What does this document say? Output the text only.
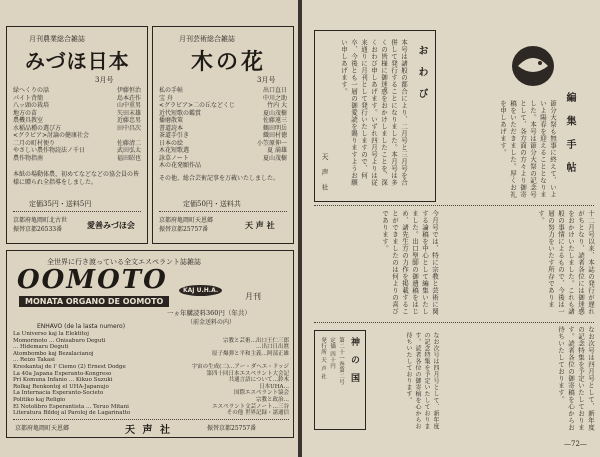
月刊農業総合雑誌
みづほ日本
3月号
緑へくりの話	伊藤恒治
パイト背簡	島本荘作
八ッ頭の栽培	山中重男
地方の苗	矢田末雄
農機具教室	近藤忠男
水稲品種の選び方	田中昌次
<グラビア>討論の健康社会
二月の町村便り	佐藤清二
やさしい農作物読法ノ千日	武田弘太
農作物指南	福田昭也
本紙の場動体農、初めてなどなどの協会員の皆様に贈られ全指導をしました。
定価35円・送料5円
京都府亀岡町北古世
振替京都26533番	愛善みづほ会
月刊芸術総合雑誌
木の花
3月号
私の手帖	出口直日
宝 舟	中川之助
<グラビア>二の丘などくじ	竹内 大
近代短歌の鑑賞	夏山茂樹
播磨散策	佐藤遠三
書道読本	鶴田明岳
茶道手引き	織田村徳
日本の絵	小笠原伸一
木花短歌選	夏 満雄
詠草ノート	夏山茂樹
木の花発願作品
その他、総合芸術記事を万載いたしました。
定価50円・送料共
京都府亀岡町天恩郷
振替京都25757番	天 声 社
全世界に行き渡っている全文エスペラント誌雑誌
OOMOTO
MONATA ORGANO DE OOMOTO
KAJ U.H.A.
月刊
一ヵ年購読料360円（年共）
（前金送料の内）
ENHAVO (de la lasta numero)
La Universo kaj la Elektitoj
Momorinoto ... Onisaburo Deguti	宗教と芸術…出口王仁三郎
... Hidemaru Deguti	…出口日出麿
Atombombo kaj Bezalacianoj	原子爆弾と平和主義…阿部正雄
... Reizo Takasi
Kreskantaj de l' Ciemo (2) Ernest Dodge	宇宙の生成(二)…アー・ダヘエ・ドッジ
La 40a Japana Esperanto-Kongreso	第四十回日本エスペラント大会記
Pri Komuna Infanio ... Kikuo Suzuki	共通言語について…鈴木
Rolkaj Renkontoj el UHA-Japanujo	日本UHA…
La Internacia Esperanto-Societo	国際エスペラント協会
Politiko kaj Religio	宗教と政治…
El Notolibro Esperantista ... Teruo Mitani	エスペラント文芸ノート…三谷
Literatura Bildoj al Paroloj de Lagarinatto	その他 世界記録・諸通信
京都府亀岡町天恩郷	天 声 社	振替京都25757番
お わ び
本号は諸般の都合により、二月号と三月号を合併して発行することになりました。本月号は多くの皆様に御迷惑をおかけしましたことを、深くおわび申しあげます。いずれ四月号よりは従来通りに月刊として発行いたしますので、何卒、今後とも一層の御愛読を賜りますようお願い申しあげます。
天 声 社	編 集 手 帖
節分大祭も無事に終えて、いよいよ陽春を迎えることとなりました。本号は節分大祭の記念号として、各方面の方々より御寄稿をいただきました。厚くお礼を申しあげます。
十二月号以来、本誌の発行が遅れがちとなり、読者各位には御迷惑をおかけいたしました。これも諸般の事情によるもので、今後は一層の努力をいたす所存であります。
今月号では、特に宗教と芸術に関する論稿を中心として編集いたしました。出口聖師の御遺稿をはじめ、諸先生方の力作を掲載することができましたのは何よりの喜びであります。
なお次号は四月号として、新年度の記念特集を予定いたしております。読者各位の御寄稿を心からお待ちいたしております。
神 の 国
第二十一巻第二号
定価 四十円
発行所 天 声 社	なお次号は四月号として、新年度の記念特集を予定いたしております。読者各位の御寄稿を心からお待ちいたしております。
—72—
